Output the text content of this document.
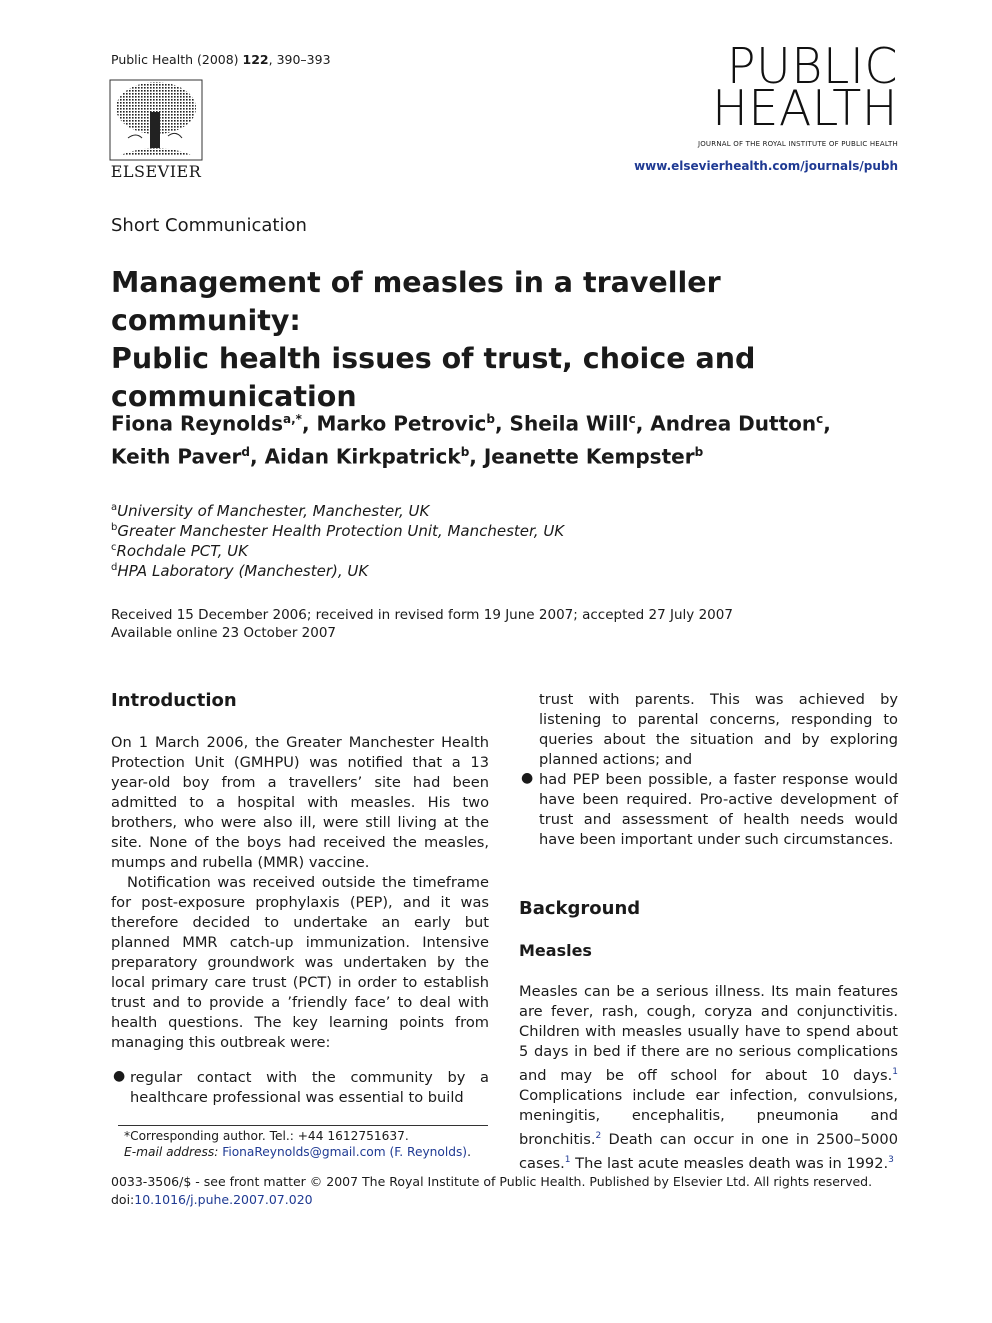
Public Health (2008) 122, 390–393
ELSEVIER
PUBLIC
HEALTH
JOURNAL OF THE ROYAL INSTITUTE OF PUBLIC HEALTH
www.elsevierhealth.com/journals/pubh
Short Communication
Management of measles in a traveller community:
Public health issues of trust, choice and
communication
Fiona Reynolds$^{a,*}$, Marko Petrovic$^b$, Sheila Will$^c$, Andrea Dutton$^c$,
Keith Paver$^d$, Aidan Kirkpatrick$^b$, Jeanette Kempster$^b$
$^a$University of Manchester, Manchester, UK
$^b$Greater Manchester Health Protection Unit, Manchester, UK
$^c$Rochdale PCT, UK
$^d$HPA Laboratory (Manchester), UK
Received 15 December 2006; received in revised form 19 June 2007; accepted 27 July 2007
Available online 23 October 2007
Introduction

On 1 March 2006, the Greater Manchester Health Protection Unit (GMHPU) was notified that a 13 year-old boy from a travellers’ site had been admitted to a hospital with measles. His two brothers, who were also ill, were still living at the site. None of the boys had received the measles, mumps and rubella (MMR) vaccine.

Notification was received outside the timeframe for post-exposure prophylaxis (PEP), and it was therefore decided to undertake an early but planned MMR catch-up immunization. Intensive preparatory groundwork was undertaken by the local primary care trust (PCT) in order to establish trust and to provide a ’friendly face’ to deal with health questions. The key learning points from managing this outbreak were:

● regular contact with the community by a healthcare professional was essential to build
*Corresponding author. Tel.: +44 1612751637.
E-mail address: FionaReynolds@gmail.com (F. Reynolds).
trust with parents. This was achieved by listening to parental concerns, responding to queries about the situation and by exploring planned actions; and
● had PEP been possible, a faster response would have been required. Pro-active development of trust and assessment of health needs would have been important under such circumstances.
Background
Measles

Measles can be a serious illness. Its main features are fever, rash, cough, coryza and conjunctivitis. Children with measles usually have to spend about 5 days in bed if there are no serious complications and may be off school for about 10 days.$^1$ Complications include ear infection, convulsions, meningitis, encephalitis, pneumonia and bronchitis.$^2$ Death can occur in one in 2500–5000 cases.$^1$ The last acute measles death was in 1992.$^3$

0033-3506/$ - see front matter © 2007 The Royal Institute of Public Health. Published by Elsevier Ltd. All rights reserved.
doi:10.1016/j.puhe.2007.07.020
